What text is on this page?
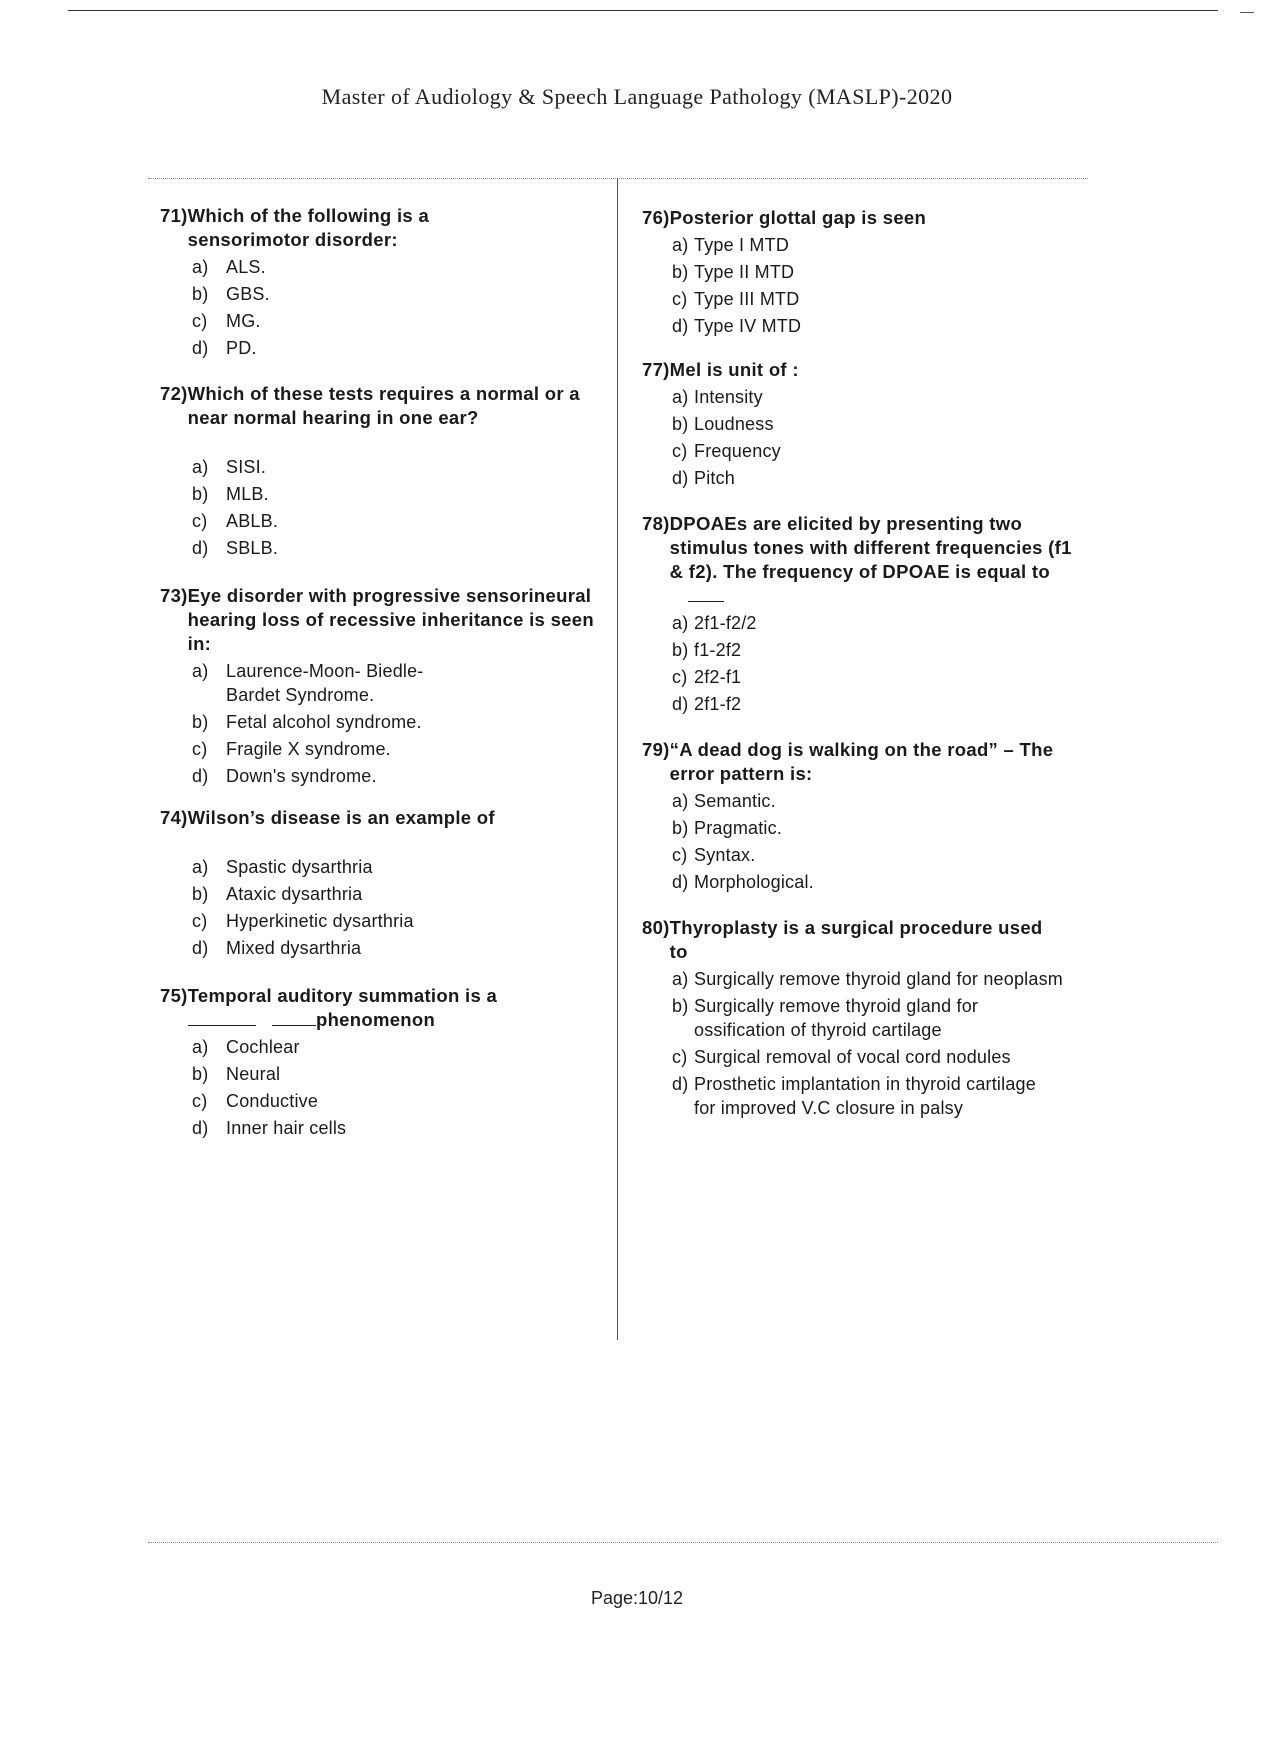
Master of Audiology & Speech Language Pathology (MASLP)-2020
71) Which of the following is a sensorimotor disorder:
a) ALS.
b) GBS.
c)	MG.
d) PD.
72) Which of these tests requires a normal or a near normal hearing in one ear?
a) SISI.
b) MLB.
c)	ABLB.
d) SBLB.
73) Eye disorder with progressive sensorineural hearing loss of recessive inheritance is seen in:
a) Laurence-Moon- Biedle- Bardet Syndrome.
b) Fetal alcohol syndrome.
c)	Fragile X syndrome.
d) Down's syndrome.
74) Wilson’s disease is an example of
a) Spastic dysarthria
b) Ataxic dysarthria
c)	Hyperkinetic dysarthria
d) Mixed dysarthria
75) Temporal auditory summation is a
phenomenon
a) Cochlear
b) Neural
c)	Conductive
d) Inner hair cells
76) Posterior glottal gap is seen
a) Type I MTD
b) Type II MTD
c) Type III MTD
d) Type IV MTD
77) Mel is unit of :
a) Intensity
b) Loudness
c) Frequency
d) Pitch
78) DPOAEs are elicited by presenting two stimulus tones with different frequencies (f1 & f2). The frequency of DPOAE is equal to
a) 2f1-f2/2
b) f1-2f2
c) 2f2-f1
d) 2f1-f2
79) “A dead dog is walking on the road” – The error pattern is:
a) Semantic.
b) Pragmatic.
c) Syntax.
d) Morphological.
80) Thyroplasty is a surgical procedure used to
a) Surgically remove thyroid gland for neoplasm
b) Surgically remove thyroid gland for ossification of thyroid cartilage
c) Surgical removal of vocal cord nodules
d) Prosthetic implantation in thyroid cartilage for improved V.C closure in palsy
Page:10/12
